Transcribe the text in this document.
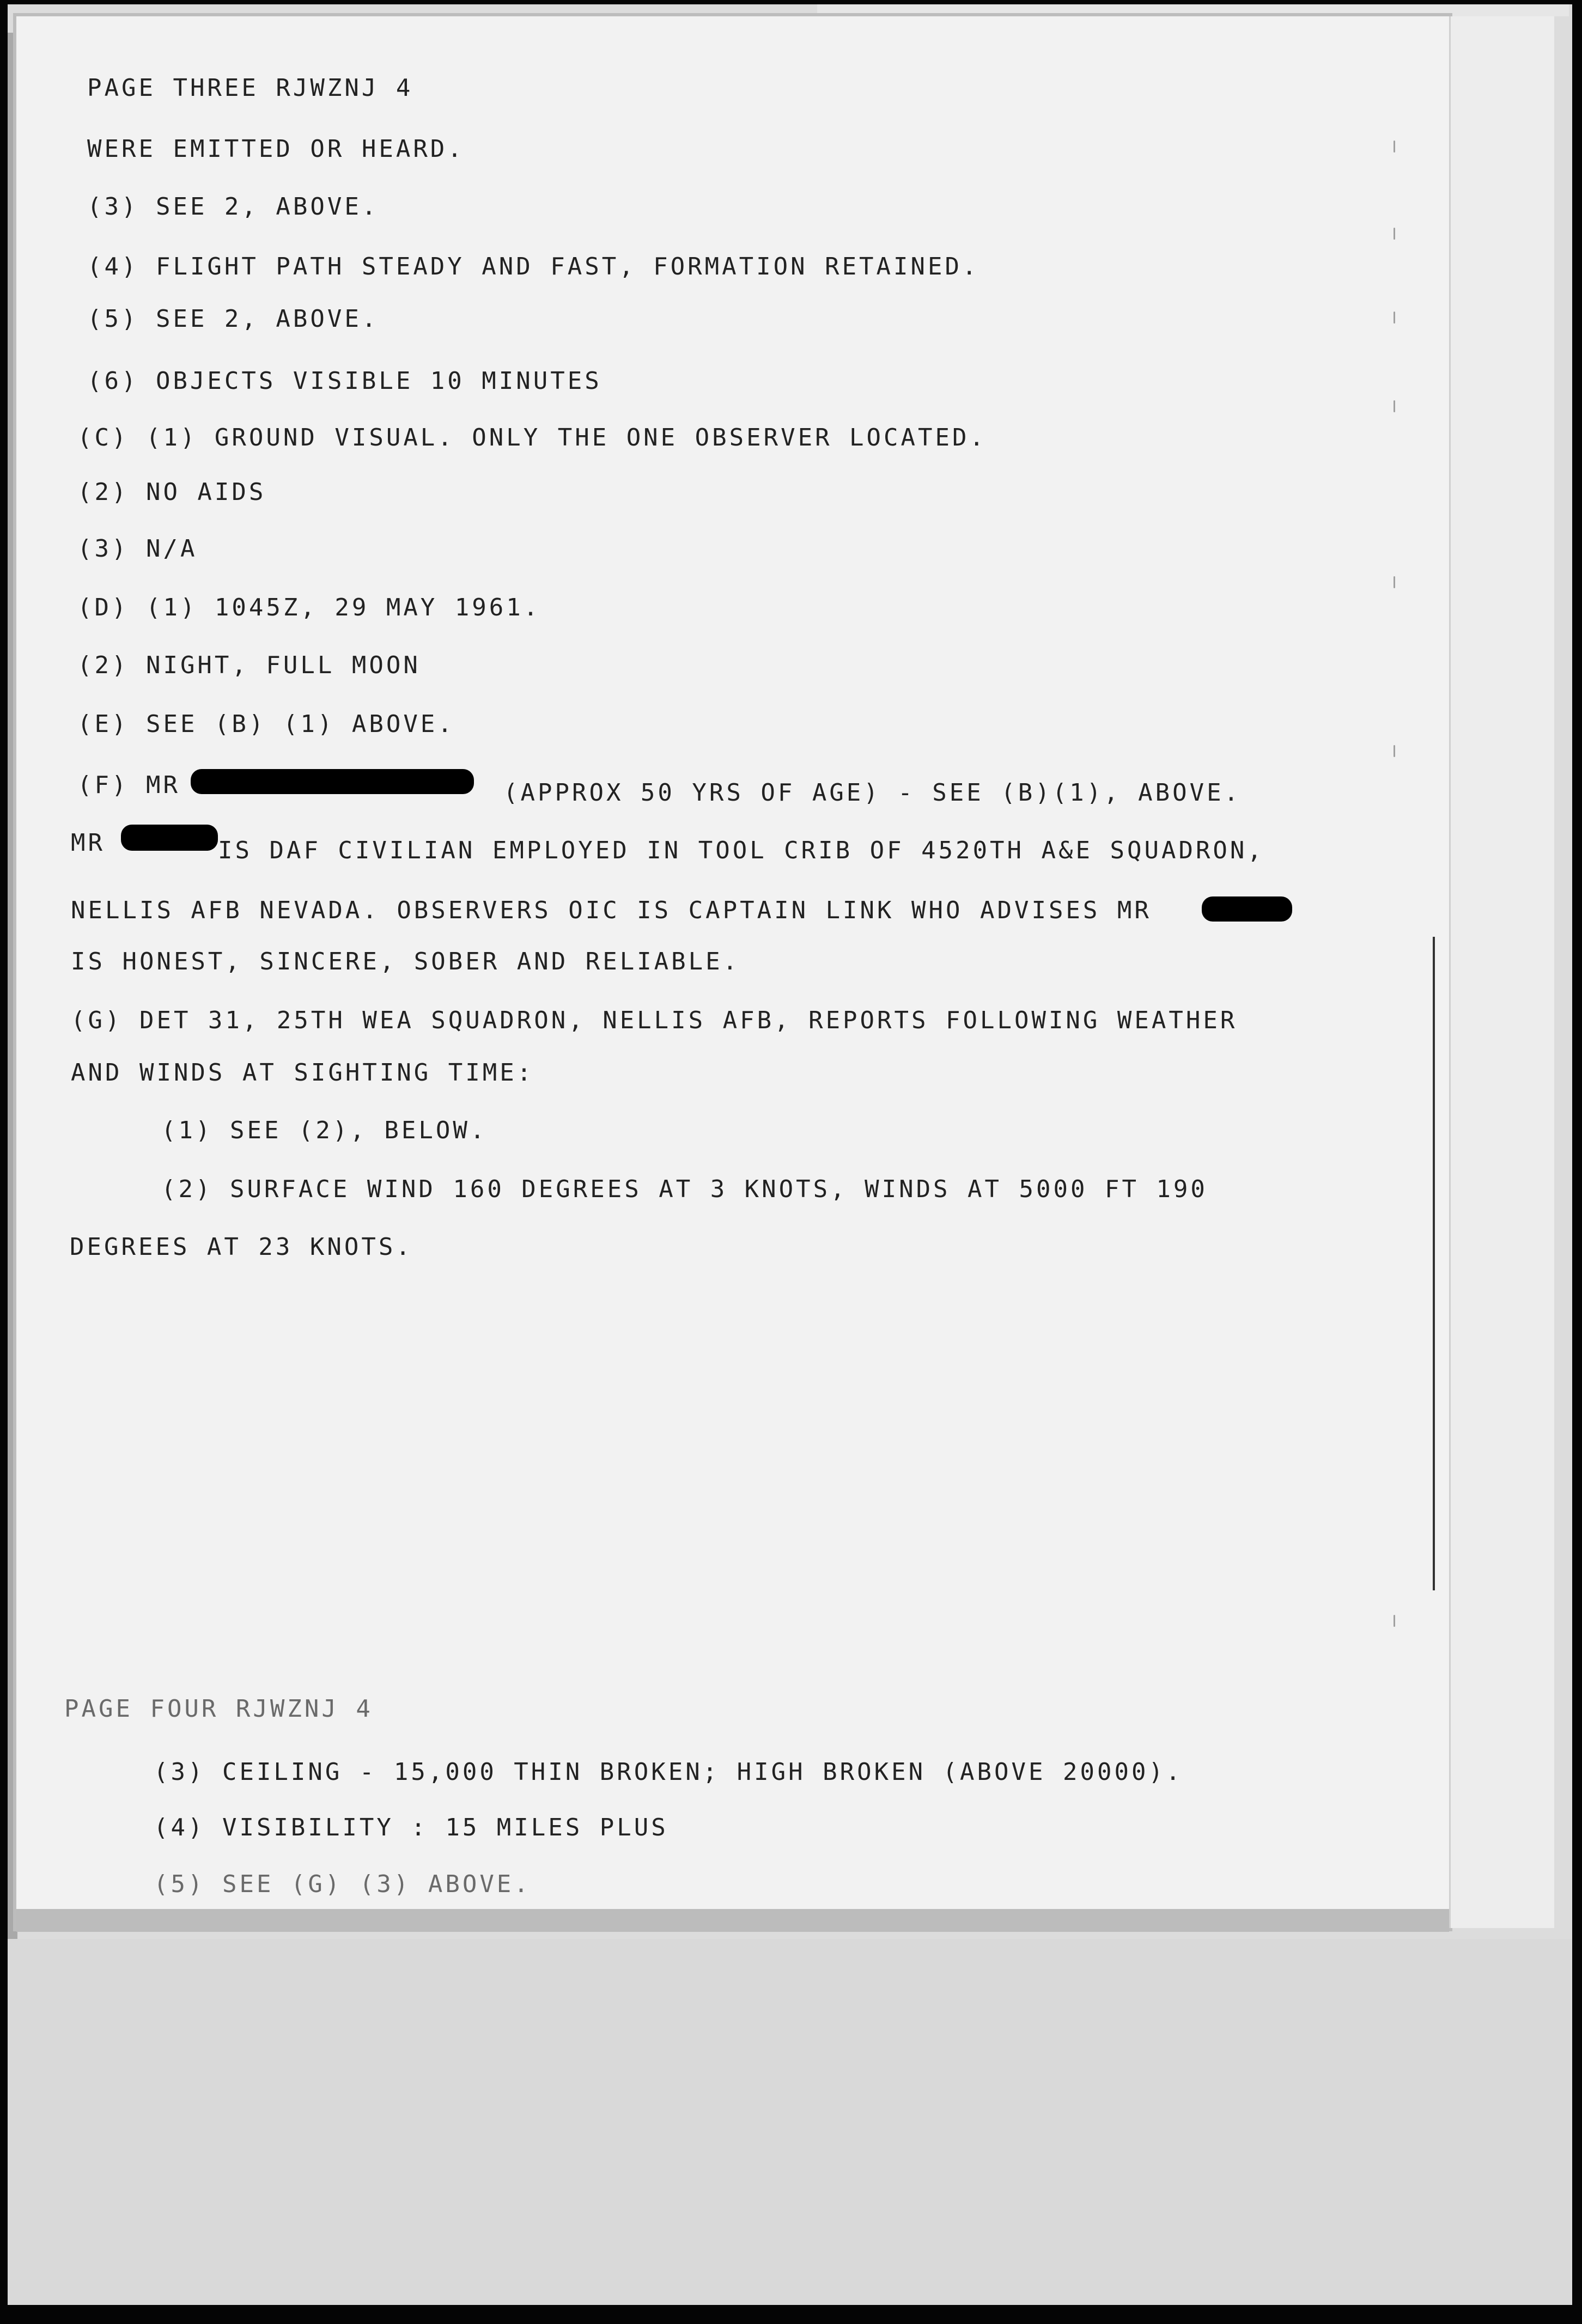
PAGE THREE RJWZNJ 4
WERE EMITTED OR HEARD.
(3) SEE 2, ABOVE.
(4) FLIGHT PATH STEADY AND FAST, FORMATION RETAINED.
(5) SEE 2, ABOVE.
(6) OBJECTS VISIBLE 10 MINUTES
(C) (1) GROUND VISUAL. ONLY THE ONE OBSERVER LOCATED.
(2) NO AIDS
(3) N/A
(D) (1) 1045Z, 29 MAY 1961.
(2) NIGHT, FULL MOON
(E) SEE (B) (1) ABOVE.
(F) MR	(APPROX 50 YRS OF AGE) - SEE (B)(1), ABOVE.
MR	IS DAF CIVILIAN EMPLOYED IN TOOL CRIB OF 4520TH A&E SQUADRON,
NELLIS AFB NEVADA. OBSERVERS OIC IS CAPTAIN LINK WHO ADVISES MR
IS HONEST, SINCERE, SOBER AND RELIABLE.
(G) DET 31, 25TH WEA SQUADRON, NELLIS AFB, REPORTS FOLLOWING WEATHER
AND WINDS AT SIGHTING TIME:
(1) SEE (2), BELOW.
(2) SURFACE WIND 160 DEGREES AT 3 KNOTS, WINDS AT 5000 FT 190
DEGREES AT 23 KNOTS.
PAGE FOUR RJWZNJ 4
(3) CEILING - 15,000 THIN BROKEN; HIGH BROKEN (ABOVE 20000).
(4) VISIBILITY : 15 MILES PLUS
(5) SEE (G) (3) ABOVE.
